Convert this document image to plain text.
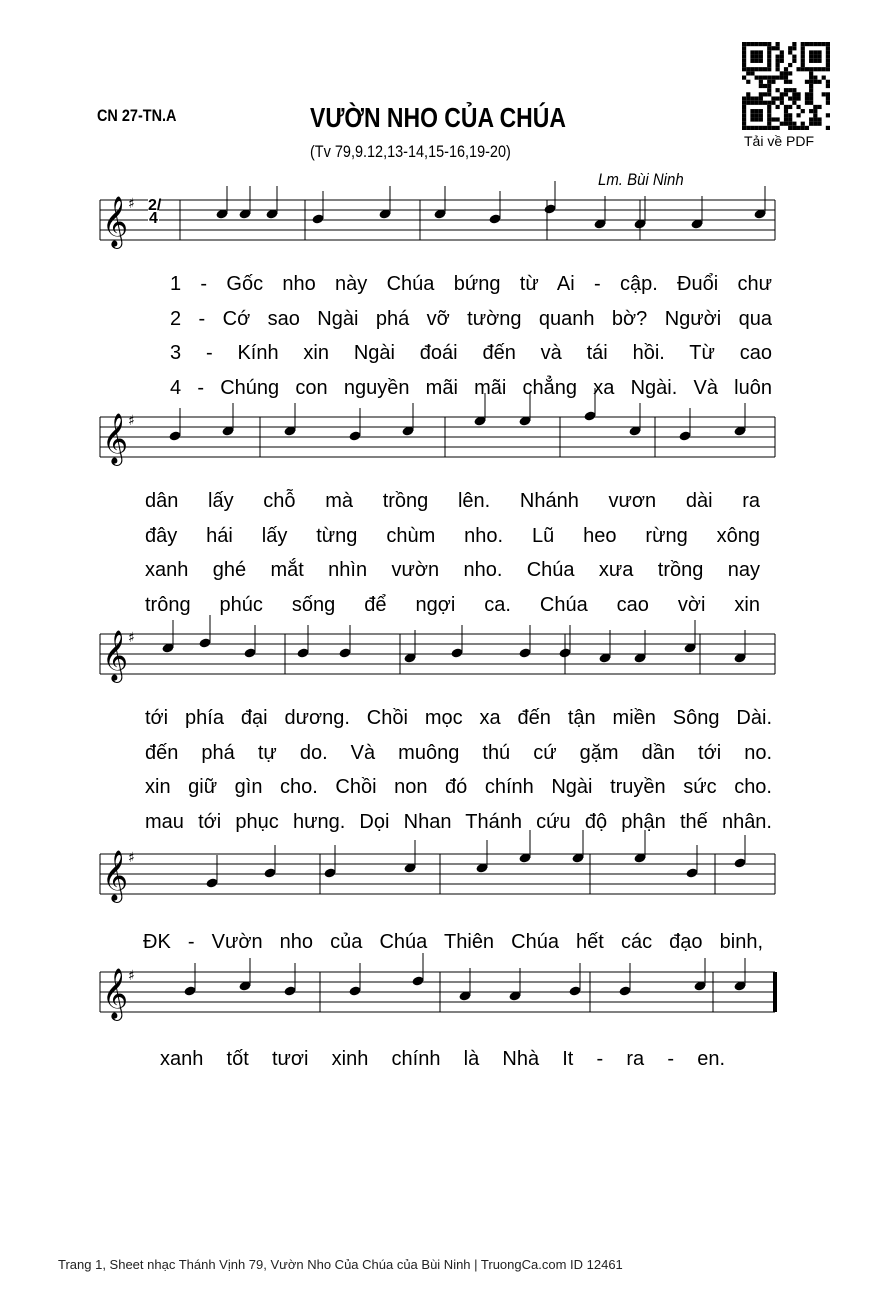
CN 27-TN.A	VƯỜN NHO CỦA CHÚA
(Tv 79,9.12,13-14,15-16,19-20)
Lm. Bùi Ninh
Tải về PDF
𝄞 ♯
𝄞 ♯
𝄞 ♯
𝄞 ♯
𝄞 ♯
2/4
1 - Gốc nho này Chúa bứng từ Ai - cập. Đuổi chư
2 - Cớ sao Ngài phá vỡ tường quanh bờ? Người qua
3 - Kính xin Ngài đoái đến và tái hồi. Từ cao
4 - Chúng con nguyền mãi mãi chẳng xa Ngài. Và luôn
dân lấy chỗ mà trồng lên. Nhánh vươn dài ra
đây hái lấy từng chùm nho. Lũ heo rừng xông
xanh ghé mắt nhìn vườn nho. Chúa xưa trồng nay
trông phúc sống để ngợi ca. Chúa cao vời xin
tới phía đại dương. Chồi mọc xa đến tận miền Sông Dài.
đến phá tự do. Và muông thú cứ gặm dần tới no.
xin giữ gìn cho. Chồi non đó chính Ngài truyền sức cho.
mau tới phục hưng. Dọi Nhan Thánh cứu độ phận thế nhân.
ĐK - Vườn nho của Chúa Thiên Chúa hết các đạo binh,
xanh tốt tươi xinh chính là Nhà It - ra - en.
Trang 1, Sheet nhạc Thánh Vịnh 79, Vườn Nho Của Chúa của Bùi Ninh | TruongCa.com ID 12461
